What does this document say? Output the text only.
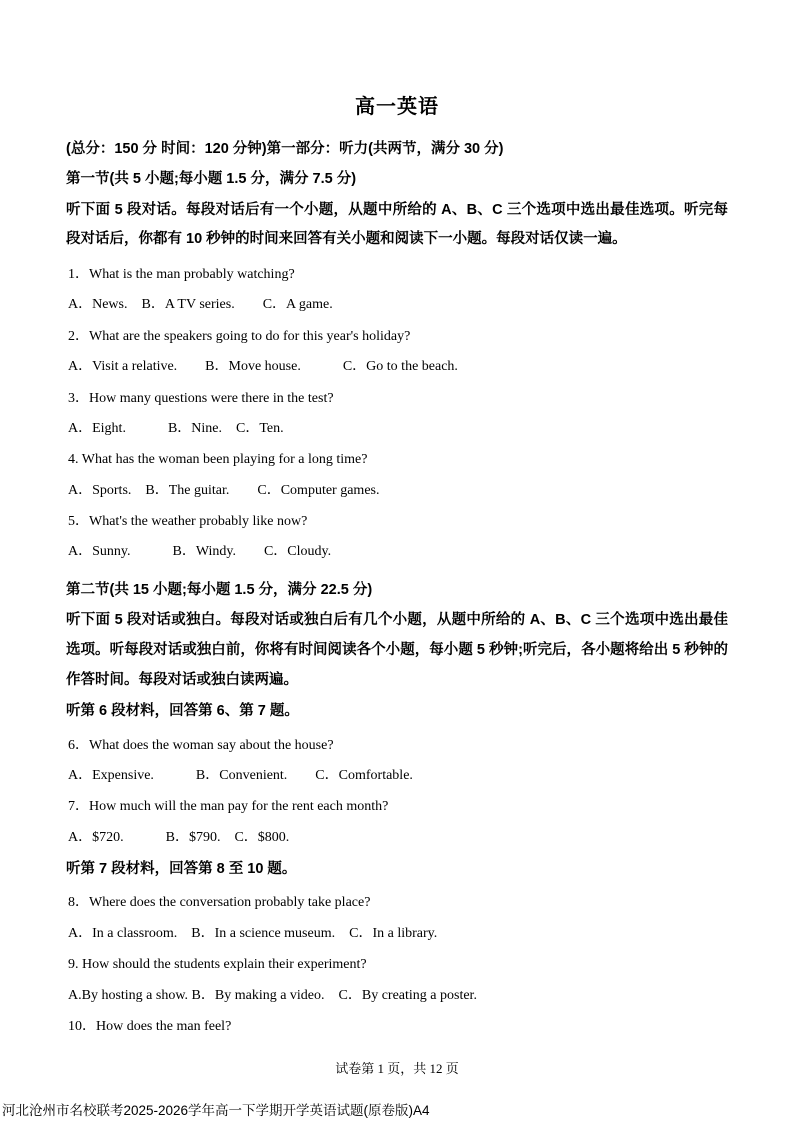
高一英语
(总分：150 分 时间：120 分钟)第一部分：听力(共两节，满分 30 分)
第一节(共 5 小题;每小题 1.5 分，满分 7.5 分)
听下面 5 段对话。每段对话后有一个小题，从题中所给的 A、B、C 三个选项中选出最佳选项。听完每段对话后，你都有 10 秒钟的时间来回答有关小题和阅读下一小题。每段对话仅读一遍。
1．What is the man probably watching?
A．News.　B．A TV series.　　C．A game.
2．What are the speakers going to do for this year's holiday?
A．Visit a relative.　　B．Move house.　　　C．Go to the beach.
3．How many questions were there in the test?
A．Eight.　　　B．Nine.　C．Ten.
4. What has the woman been playing for a long time?
A．Sports.　B．The guitar.　　C．Computer games.
5．What's the weather probably like now?
A．Sunny.　　　B．Windy.　　C．Cloudy.
第二节(共 15 小题;每小题 1.5 分，满分 22.5 分)
听下面 5 段对话或独白。每段对话或独白后有几个小题，从题中所给的 A、B、C 三个选项中选出最佳选项。听每段对话或独白前，你将有时间阅读各个小题，每小题 5 秒钟;听完后，各小题将给出 5 秒钟的作答时间。每段对话或独白读两遍。
听第 6 段材料，回答第 6、第 7 题。
6．What does the woman say about the house?
A．Expensive.　　　B．Convenient.　　C．Comfortable.
7．How much will the man pay for the rent each month?
A．$720.　　　B．$790.　C．$800.
听第 7 段材料，回答第 8 至 10 题。
8．Where does the conversation probably take place?
A．In a classroom.　B．In a science museum.　C．In a library.
9. How should the students explain their experiment?
A.By hosting a show. B．By making a video.　C．By creating a poster.
10．How does the man feel?
试卷第 1 页，共 12 页
河北沧州市名校联考2025-2026学年高一下学期开学英语试题(原卷版)A4
